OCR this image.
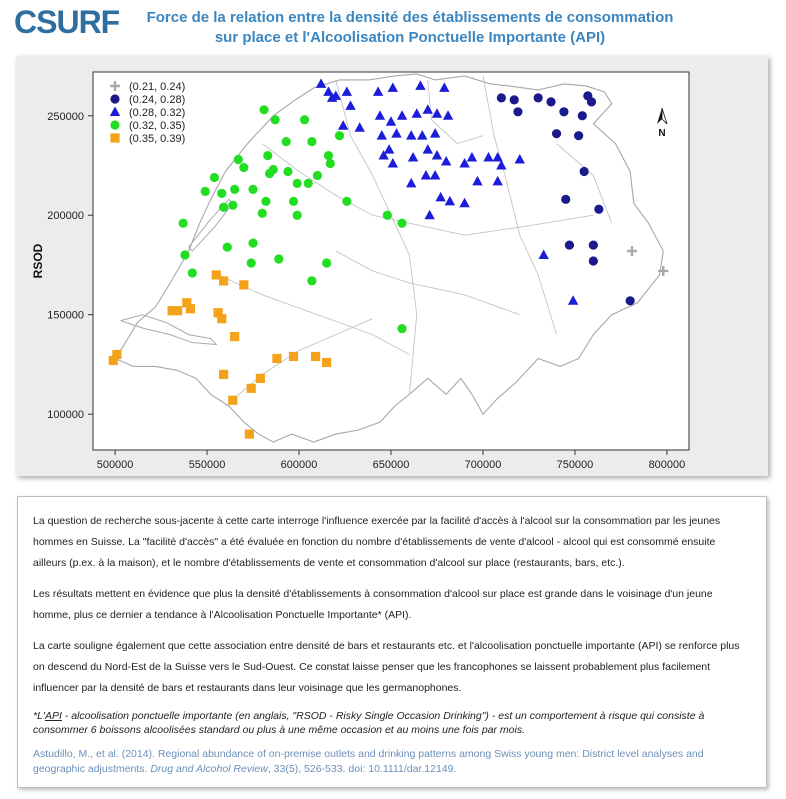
CSURF	Force de la relation entre la densité des établissements de consommation
sur place et l'Alcoolisation Ponctuelle Importante (API)
500000	550000	600000	650000	700000	750000	800000
100000
150000
200000
250000
RSOD
(0.21, 0.24)
(0.24, 0.28)
(0.28, 0.32)
(0.32, 0.35)
(0.35, 0.39)	N

La question de recherche sous-jacente à cette carte interroge l'influence exercée par la facilité d'accès à l'alcool sur la consommation par les jeunes hommes en Suisse. La "facilité d'accès" a été évaluée en fonction du nombre d'établissements de vente d'alcool - alcool qui est consommé ensuite ailleurs (p.ex. à la maison), et le nombre d'établissements de vente et consommation d'alcool sur place (restaurants, bars, etc.).

Les résultats mettent en évidence que plus la densité d'établissements à consommation d'alcool sur place est grande dans le voisinage d'un jeune homme, plus ce dernier a tendance à l'Alcoolisation Ponctuelle Importante* (API).

La carte souligne également que cette association entre densité de bars et restaurants etc. et l'alcoolisation ponctuelle importante (API) se renforce plus on descend du Nord-Est de la Suisse vers le Sud-Ouest. Ce constat laisse penser que les francophones se laissent probablement plus facilement influencer par la densité de bars et restaurants dans leur voisinage que les germanophones.

*L'API - alcoolisation ponctuelle importante (en anglais, "RSOD - Risky Single Occasion Drinking") - est un comportement à risque qui consiste à consommer 6 boissons alcoolisées standard ou plus à une même occasion et au moins une fois par mois.

Astudillo, M., et al. (2014). Regional abundance of on-premise outlets and drinking patterns among Swiss young men: District level analyses and geographic adjustments. Drug and Alcohol Review, 33(5), 526-533. doi: 10.1111/dar.12149.
